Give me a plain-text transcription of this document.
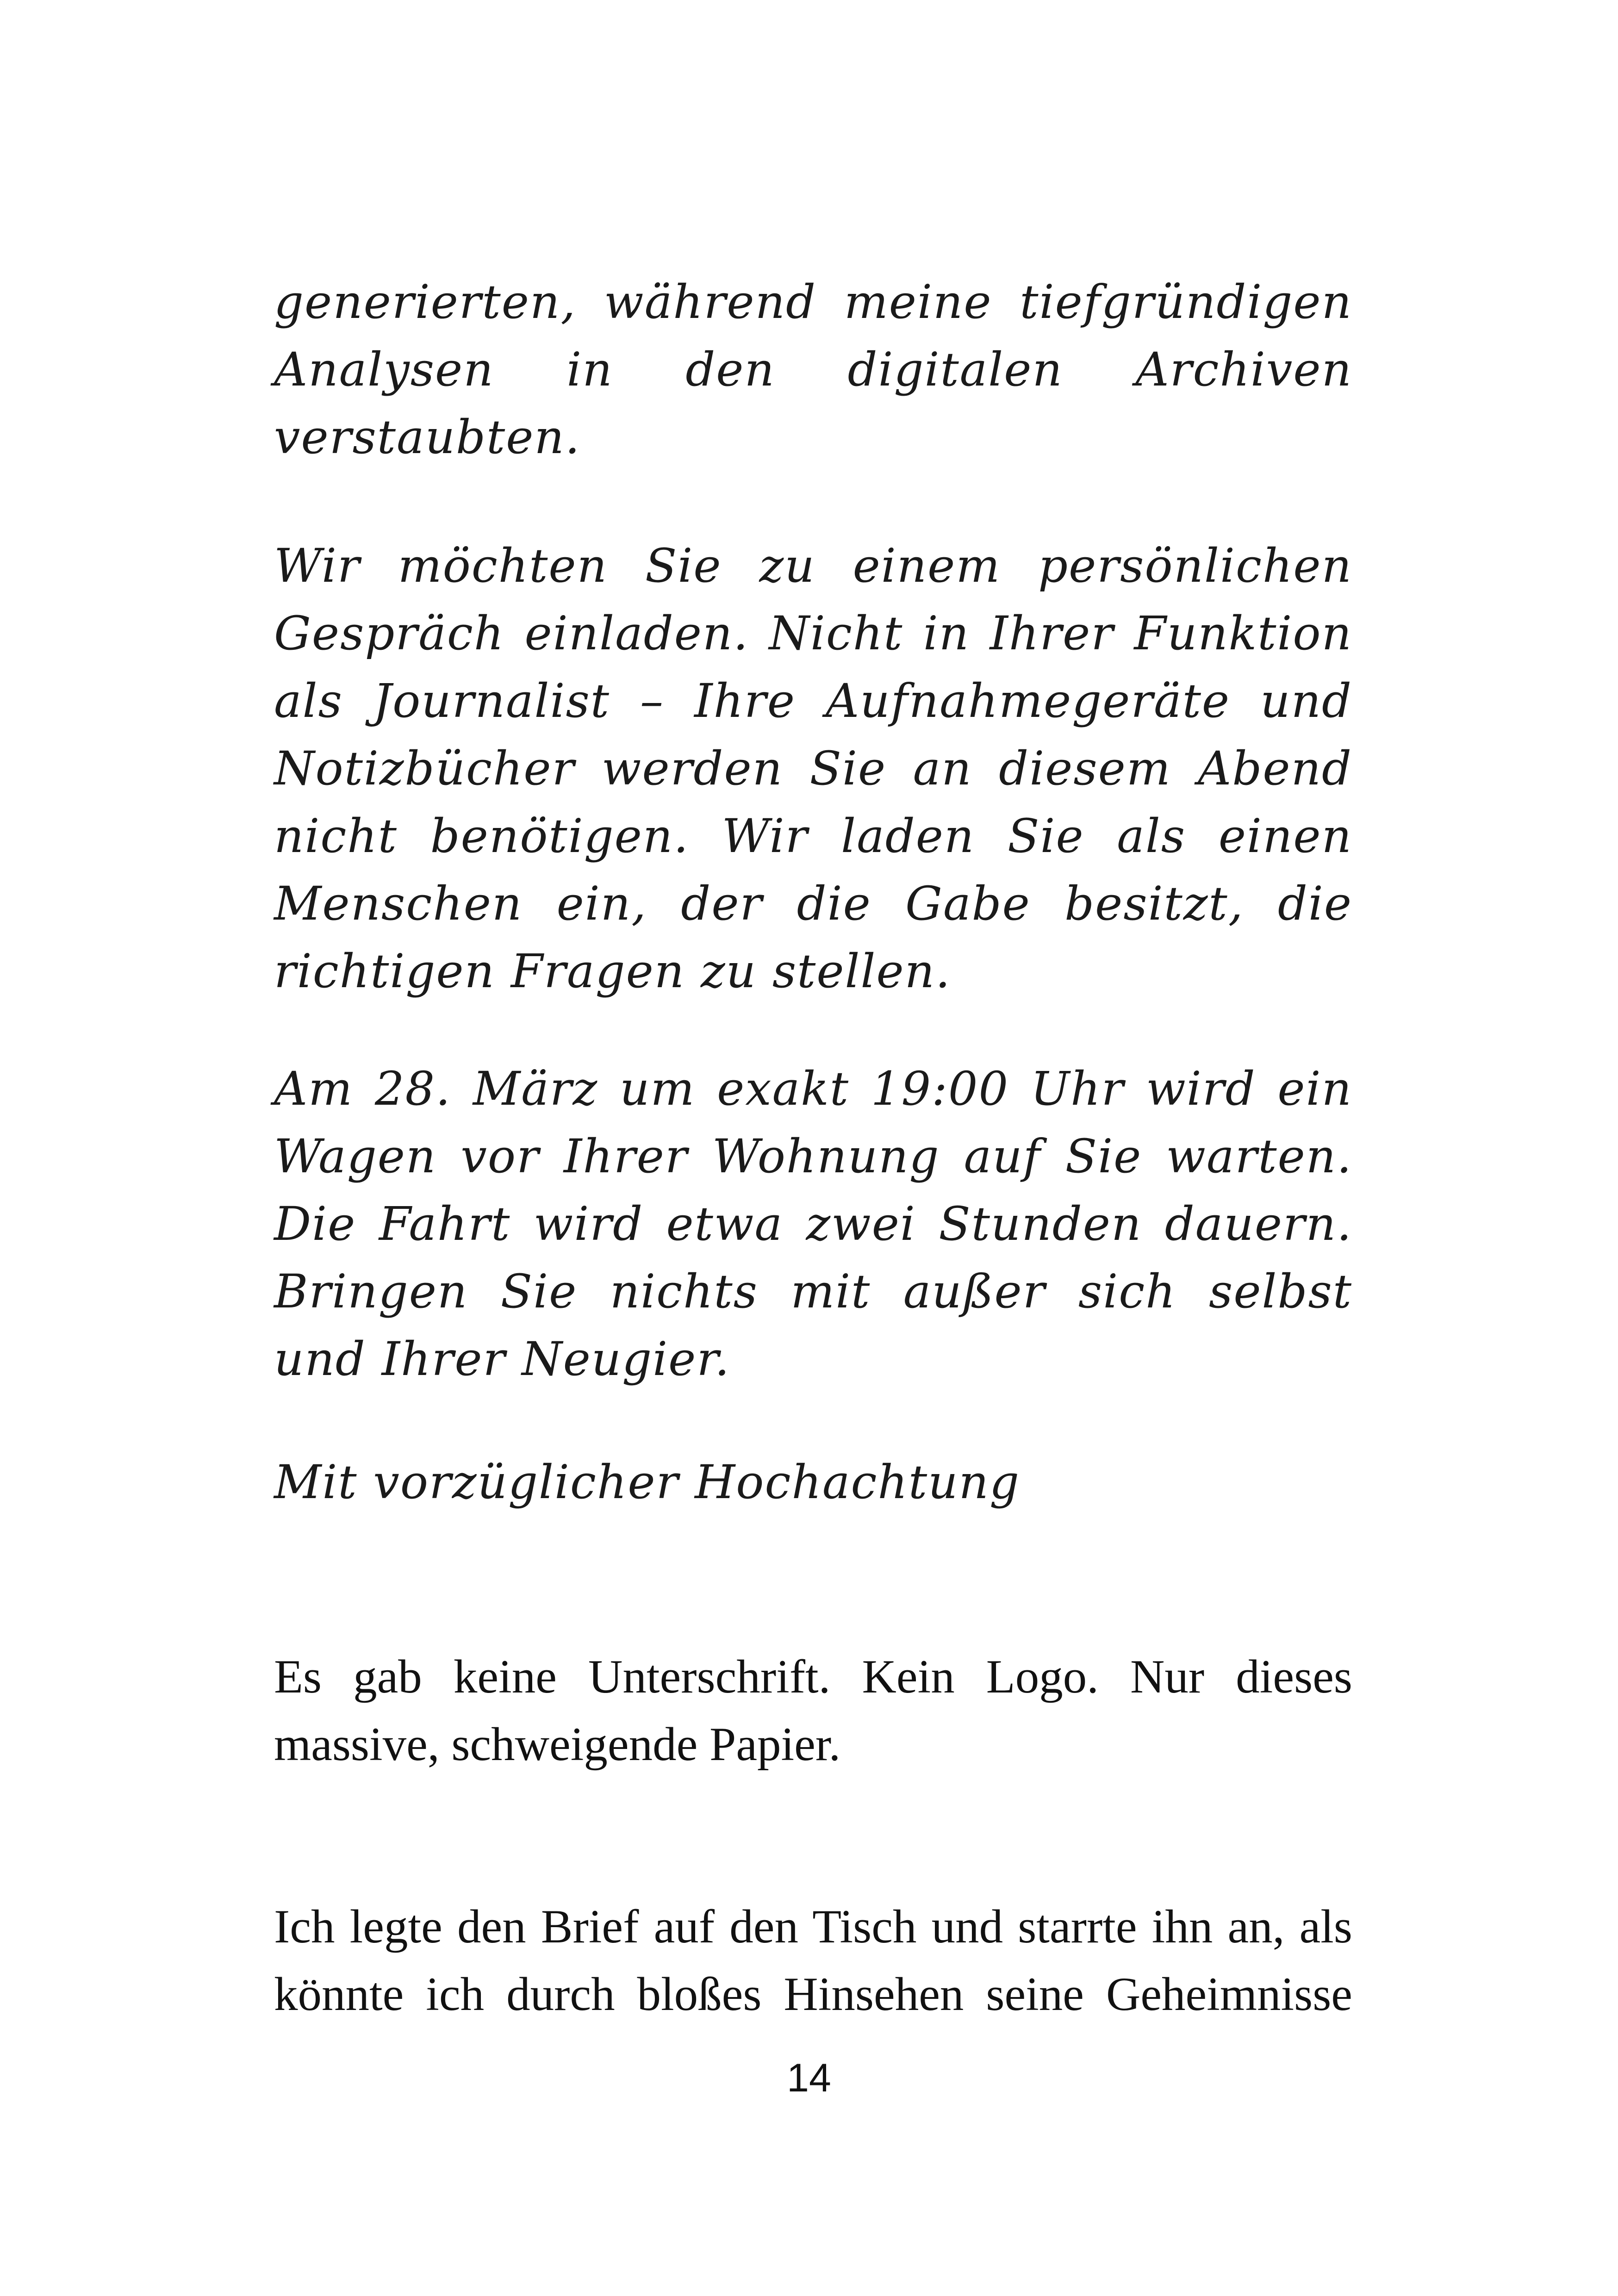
generierten, während meine tiefgründigen Analysen in den digitalen Archiven verstaubten.

Wir möchten Sie zu einem persönlichen Gespräch einladen. Nicht in Ihrer Funktion als Journalist – Ihre Aufnahmegeräte und Notizbücher werden Sie an diesem Abend nicht benötigen. Wir laden Sie als einen Menschen ein, der die Gabe besitzt, die richtigen Fragen zu stellen.

Am 28. März um exakt 19:00 Uhr wird ein Wagen vor Ihrer Wohnung auf Sie warten. Die Fahrt wird etwa zwei Stunden dauern. Bringen Sie nichts mit außer sich selbst und Ihrer Neugier.

Mit vorzüglicher Hochachtung

Es gab keine Unterschrift. Kein Logo. Nur dieses massive, schweigende Papier.

Ich legte den Brief auf den Tisch und starrte ihn an, als könnte ich durch bloßes Hinsehen seine Geheimnisse

14
